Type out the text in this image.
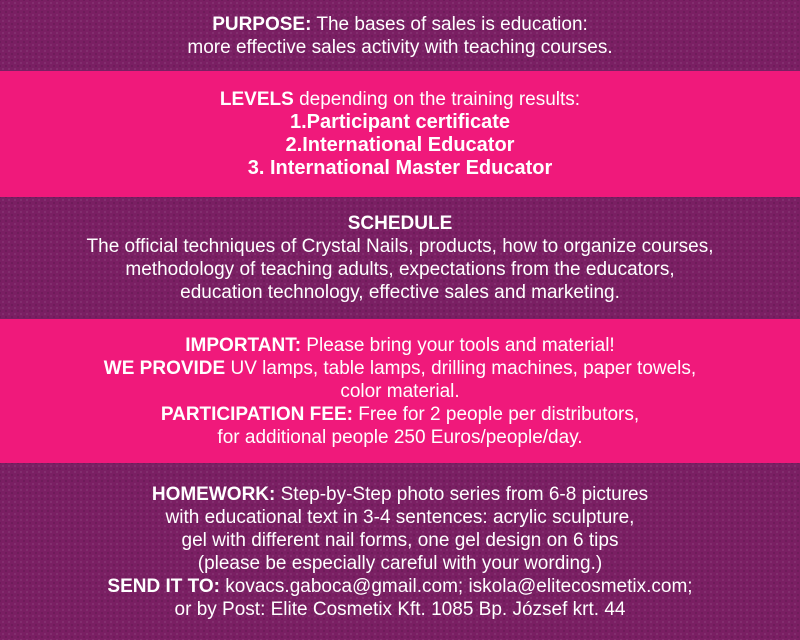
PURPOSE: The bases of sales is education:
more effective sales activity with teaching courses.
LEVELS depending on the training results:
1.Participant certificate
2.International Educator
3. International Master Educator
SCHEDULE
The official techniques of Crystal Nails, products, how to organize courses,
methodology of teaching adults, expectations from the educators,
education technology, effective sales and marketing.
IMPORTANT: Please bring your tools and material!
WE PROVIDE UV lamps, table lamps, drilling machines, paper towels,
color material.
PARTICIPATION FEE: Free for 2 people per distributors,
for additional people 250 Euros/people/day.
HOMEWORK: Step-by-Step photo series from 6-8 pictures
with educational text in 3-4 sentences: acrylic sculpture,
gel with different nail forms, one gel design on 6 tips
(please be especially careful with your wording.)
SEND IT TO: kovacs.gaboca@gmail.com; iskola@elitecosmetix.com;
or by Post: Elite Cosmetix Kft. 1085 Bp. József krt. 44
